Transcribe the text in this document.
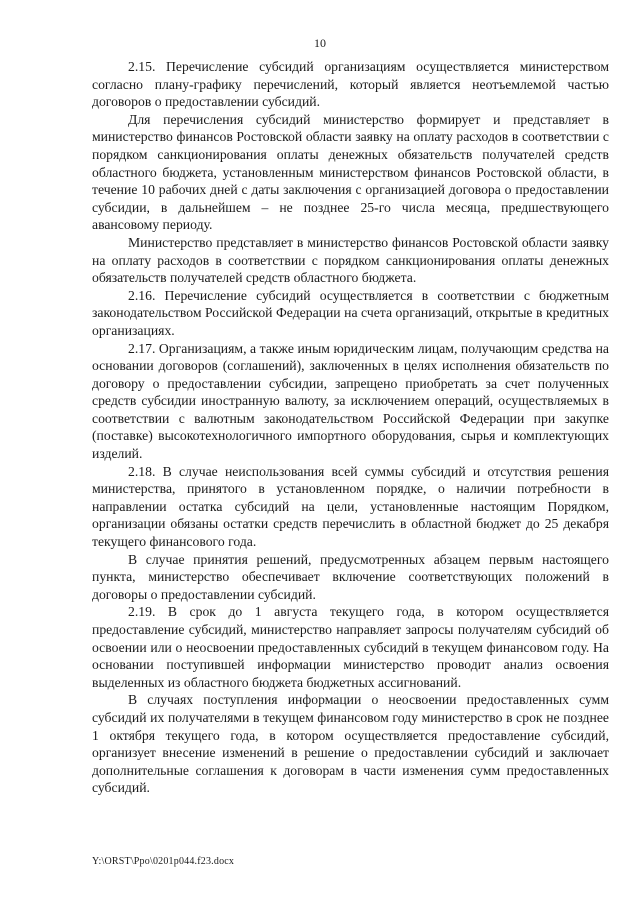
10

2.15. Перечисление субсидий организациям осуществляется министерством согласно плану-графику перечислений, который является неотъемлемой частью договоров о предоставлении субсидий.

Для перечисления субсидий министерство формирует и представляет в министерство финансов Ростовской области заявку на оплату расходов в соответствии с порядком санкционирования оплаты денежных обязательств получателей средств областного бюджета, установленным министерством финансов Ростовской области, в течение 10 рабочих дней с даты заключения с организацией договора о предоставлении субсидии, в дальнейшем – не позднее 25-го числа месяца, предшествующего авансовому периоду.

Министерство представляет в министерство финансов Ростовской области заявку на оплату расходов в соответствии с порядком санкционирования оплаты денежных обязательств получателей средств областного бюджета.

2.16. Перечисление субсидий осуществляется в соответствии с бюджетным законодательством Российской Федерации на счета организаций, открытые в кредитных организациях.

2.17. Организациям, а также иным юридическим лицам, получающим средства на основании договоров (соглашений), заключенных в целях исполнения обязательств по договору о предоставлении субсидии, запрещено приобретать за счет полученных средств субсидии иностранную валюту, за исключением операций, осуществляемых в соответствии с валютным законодательством Российской Федерации при закупке (поставке) высокотехнологичного импортного оборудования, сырья и комплектующих изделий.

2.18. В случае неиспользования всей суммы субсидий и отсутствия решения министерства, принятого в установленном порядке, о наличии потребности в направлении остатка субсидий на цели, установленные настоящим Порядком, организации обязаны остатки средств перечислить в областной бюджет до 25 декабря текущего финансового года.

В случае принятия решений, предусмотренных абзацем первым настоящего пункта, министерство обеспечивает включение соответствующих положений в договоры о предоставлении субсидий.

2.19. В срок до 1 августа текущего года, в котором осуществляется предоставление субсидий, министерство направляет запросы получателям субсидий об освоении или о неосвоении предоставленных субсидий в текущем финансовом году. На основании поступившей информации министерство проводит анализ освоения выделенных из областного бюджета бюджетных ассигнований.

В случаях поступления информации о неосвоении предоставленных сумм субсидий их получателями в текущем финансовом году министерство в срок не позднее 1 октября текущего года, в котором осуществляется предоставление субсидий, организует внесение изменений в решение о предоставлении субсидий и заключает дополнительные соглашения к договорам в части изменения сумм предоставленных субсидий.

Y:\ORST\Ppo\0201p044.f23.docx
